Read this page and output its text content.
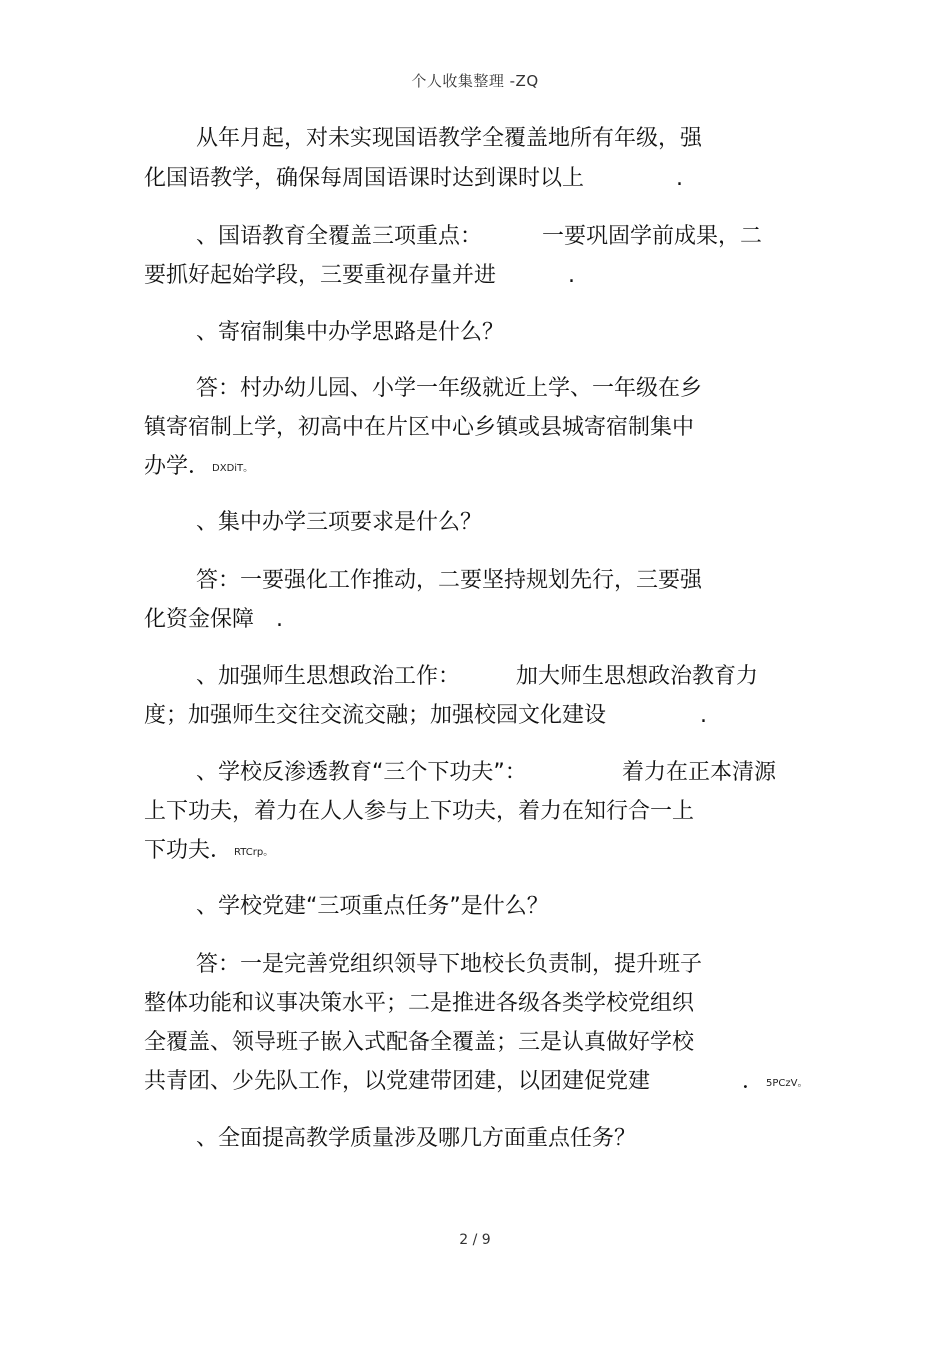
个人收集整理 -ZQ
从年月起，对未实现国语教学全覆盖地所有年级，强
化国语教学，确保每周国语课时达到课时以上	.
、国语教育全覆盖三项重点：	一要巩固学前成果，二
要抓好起始学段，三要重视存量并进	.
、寄宿制集中办学思路是什么？
答：村办幼儿园、小学一年级就近上学、一年级在乡
镇寄宿制上学，初高中在片区中心乡镇或县城寄宿制集中
办学． DXDiT。
、集中办学三项要求是什么？
答：一要强化工作推动，二要坚持规划先行，三要强
化资金保障 .
、加强师生思想政治工作：	加大师生思想政治教育力
度；加强师生交往交流交融；加强校园文化建设	.
、学校反渗透教育“三个下功夫”：	着力在正本清源
上下功夫，着力在人人参与上下功夫，着力在知行合一上
下功夫． RTCrp。
、学校党建“三项重点任务”是什么？
答：一是完善党组织领导下地校长负责制，提升班子
整体功能和议事决策水平；二是推进各级各类学校党组织
全覆盖、领导班子嵌入式配备全覆盖；三是认真做好学校
共青团、少先队工作，以党建带团建，以团建促党建	． 5PCzV。
、全面提高教学质量涉及哪几方面重点任务？
2 / 9
